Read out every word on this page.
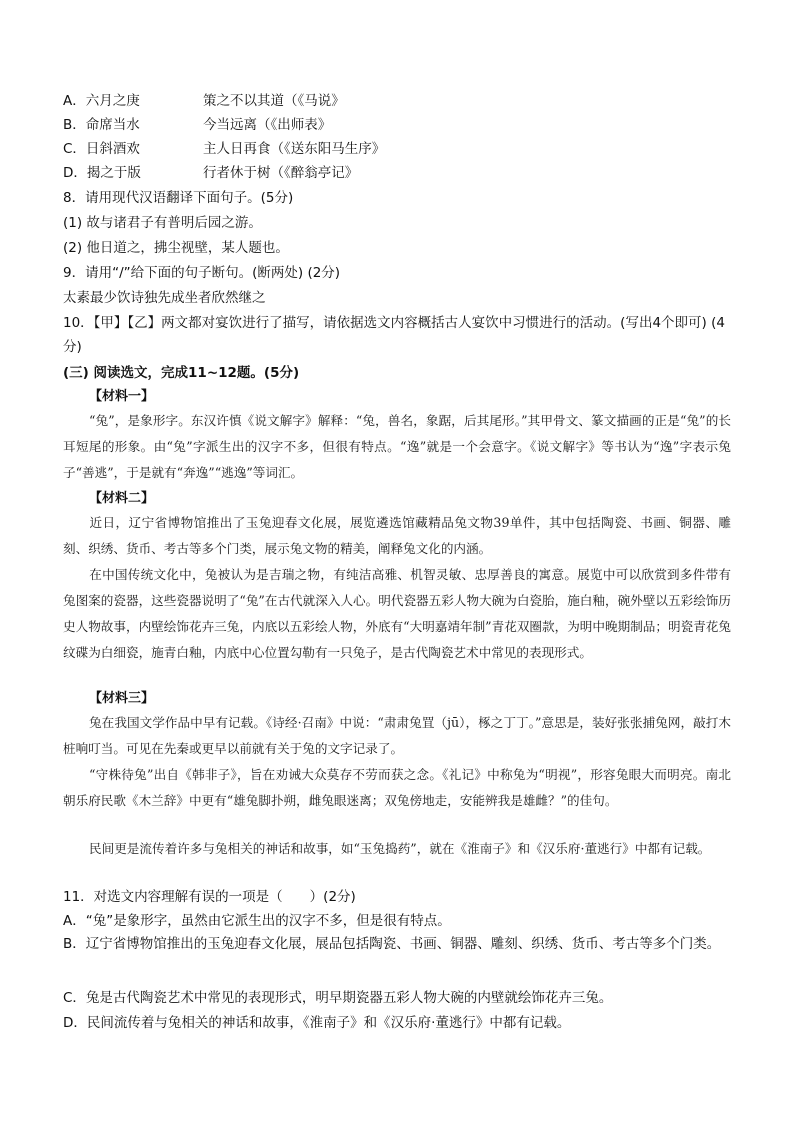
A．六月之庚	策之不以其道（《马说》
B．命席当水	今当远离（《出师表》
C．日斜酒欢	主人日再食（《送东阳马生序》
D．揭之于版	行者休于树（《醉翁亭记》
8．请用现代汉语翻译下面句子。(5分)
(1) 故与诸君子有普明后园之游。
(2) 他日道之，拂尘视壁，某人题也。
9．请用“/”给下面的句子断句。(断两处) (2分)
太素最少饮诗独先成坐者欣然继之
10．【甲】【乙】两文都对宴饮进行了描写，请依据选文内容概括古人宴饮中习惯进行的活动。(写出4个即可) (4分)
(三) 阅读选文，完成11~12题。(5分)
【材料一】
“兔”，是象形字。东汉许慎《说文解字》解释：“兔，兽名，象踞，后其尾形。”其甲骨文、篆文描画的正是“兔”的长耳短尾的形象。由“兔”字派生出的汉字不多，但很有特点。“逸”就是一个会意字。《说文解字》等书认为“逸”字表示兔子“善逃”，于是就有“奔逸”“逃逸”等词汇。
【材料二】
近日，辽宁省博物馆推出了玉兔迎春文化展，展览遴选馆藏精品兔文物39单件，其中包括陶瓷、书画、铜器、雕刻、织绣、货币、考古等多个门类，展示兔文物的精美，阐释兔文化的内涵。
在中国传统文化中，兔被认为是吉瑞之物，有纯洁高雅、机智灵敏、忠厚善良的寓意。展览中可以欣赏到多件带有兔图案的瓷器，这些瓷器说明了“兔”在古代就深入人心。明代瓷器五彩人物大碗为白瓷胎，施白釉，碗外壁以五彩绘饰历史人物故事，内壁绘饰花卉三兔，内底以五彩绘人物，外底有“大明嘉靖年制”青花双圈款，为明中晚期制品；明瓷青花兔纹碟为白细瓷，施青白釉，内底中心位置勾勒有一只兔子，是古代陶瓷艺术中常见的表现形式。
【材料三】
兔在我国文学作品中早有记载。《诗经·召南》中说：“肃肃兔罝（jū），椓之丁丁。”意思是，装好张张捕兔网，敲打木桩响叮当。可见在先秦或更早以前就有关于兔的文字记录了。
“守株待兔”出自《韩非子》，旨在劝诫大众莫存不劳而获之念。《礼记》中称兔为“明视”，形容兔眼大而明亮。南北朝乐府民歌《木兰辞》中更有“雄兔脚扑朔，雌兔眼迷离；双兔傍地走，安能辨我是雄雌？”的佳句。
民间更是流传着许多与兔相关的神话和故事，如“玉兔捣药”，就在《淮南子》和《汉乐府·董逃行》中都有记载。
11．对选文内容理解有误的一项是（　　）(2分)
A．“兔”是象形字，虽然由它派生出的汉字不多，但是很有特点。
B．辽宁省博物馆推出的玉兔迎春文化展，展品包括陶瓷、书画、铜器、雕刻、织绣、货币、考古等多个门类。
C．兔是古代陶瓷艺术中常见的表现形式，明早期瓷器五彩人物大碗的内壁就绘饰花卉三兔。
D．民间流传着与兔相关的神话和故事，《淮南子》和《汉乐府·董逃行》中都有记载。
